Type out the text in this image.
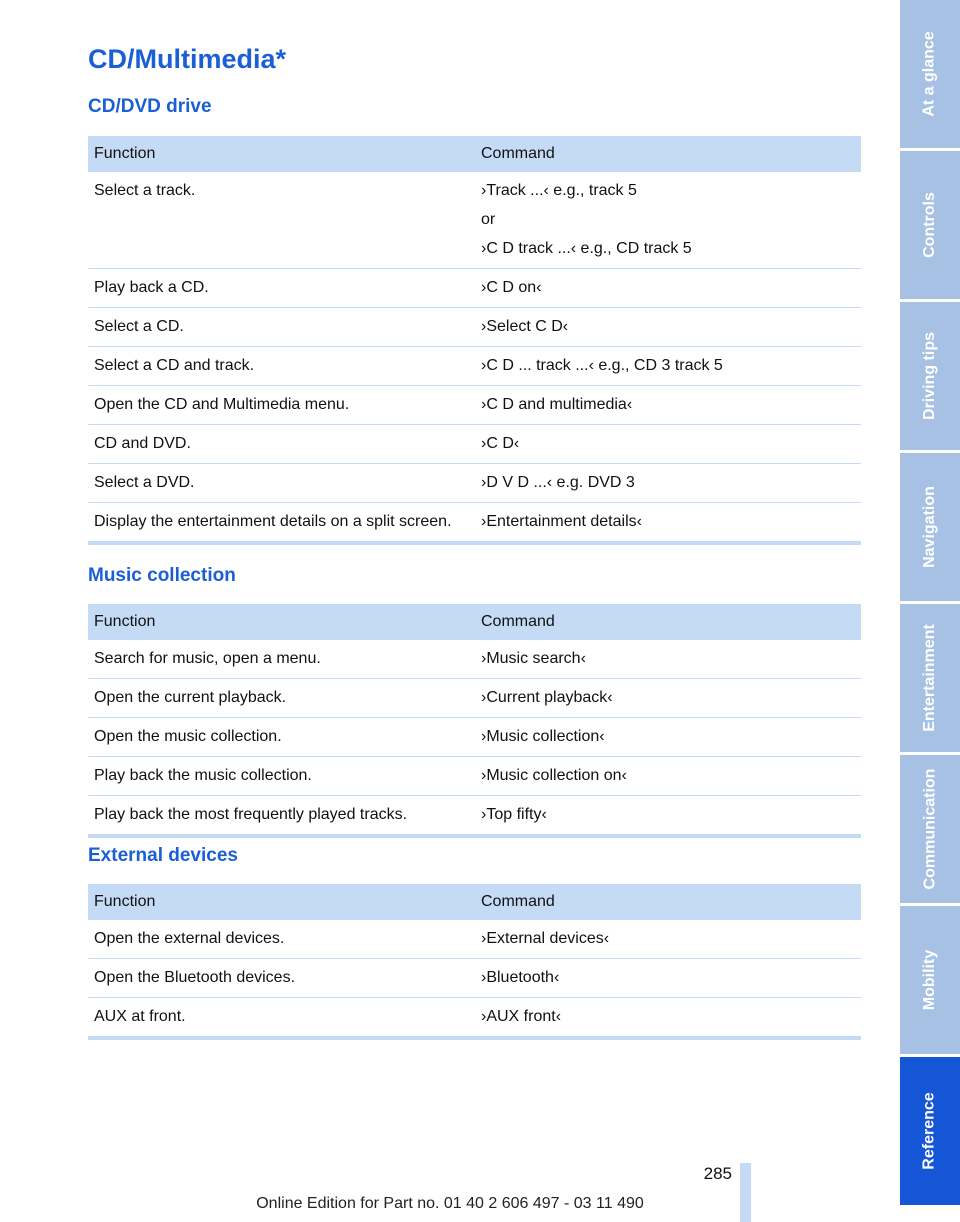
CD/Multimedia*
CD/DVD drive
Function	Command
Select a track.	›Track ...‹ e.g., track 5

or

›C D track ...‹ e.g., CD track 5

Play back a CD.	›C D on‹

Select a CD.	›Select C D‹

Select a CD and track.	›C D ... track ...‹ e.g., CD 3 track 5

Open the CD and Multimedia menu.	›C D and multimedia‹

CD and DVD.	›C D‹

Select a DVD.	›D V D ...‹ e.g. DVD 3

Display the entertainment details on a split screen.	›Entertainment details‹

Music collection
Function	Command
Search for music, open a menu.	›Music search‹

Open the current playback.	›Current playback‹

Open the music collection.	›Music collection‹

Play back the music collection.	›Music collection on‹

Play back the most frequently played tracks.	›Top fifty‹

External devices
Function	Command
Open the external devices.	›External devices‹

Open the Bluetooth devices.	›Bluetooth‹

AUX at front.	›AUX front‹

At a glance
Controls
Driving tips
Navigation
Entertainment
Communication
Mobility
Reference
285
Online Edition for Part no. 01 40 2 606 497 - 03 11 490
